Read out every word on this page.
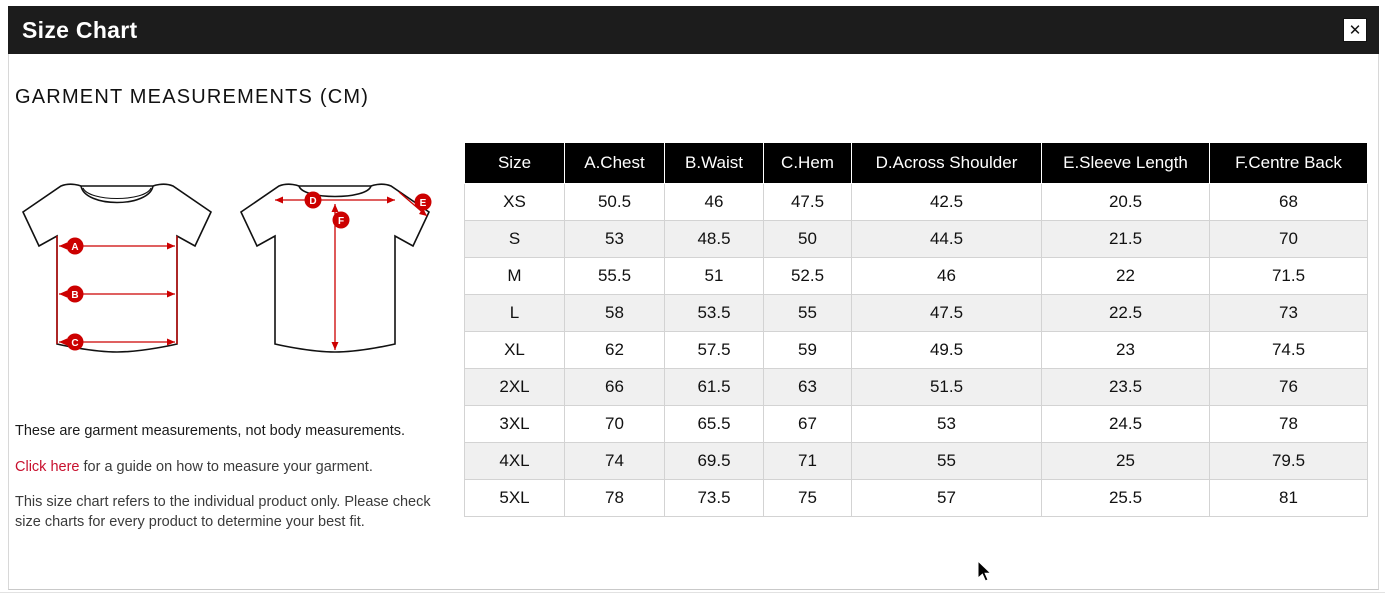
Size Chart	✕
GARMENT MEASUREMENTS (CM)
A
B
C
D	E
F

These are garment measurements, not body measurements.

Click here for a guide on how to measure your garment.

This size chart refers to the individual product only. Please check size charts for every product to determine your best fit.

Size	A.Chest	B.Waist	C.Hem	D.Across Shoulder	E.Sleeve Length	F.Centre Back
XS	50.5	46	47.5	42.5	20.5	68
S	53	48.5	50	44.5	21.5	70
M	55.5	51	52.5	46	22	71.5
L	58	53.5	55	47.5	22.5	73
XL	62	57.5	59	49.5	23	74.5
2XL	66	61.5	63	51.5	23.5	76
3XL	70	65.5	67	53	24.5	78
4XL	74	69.5	71	55	25	79.5
5XL	78	73.5	75	57	25.5	81
